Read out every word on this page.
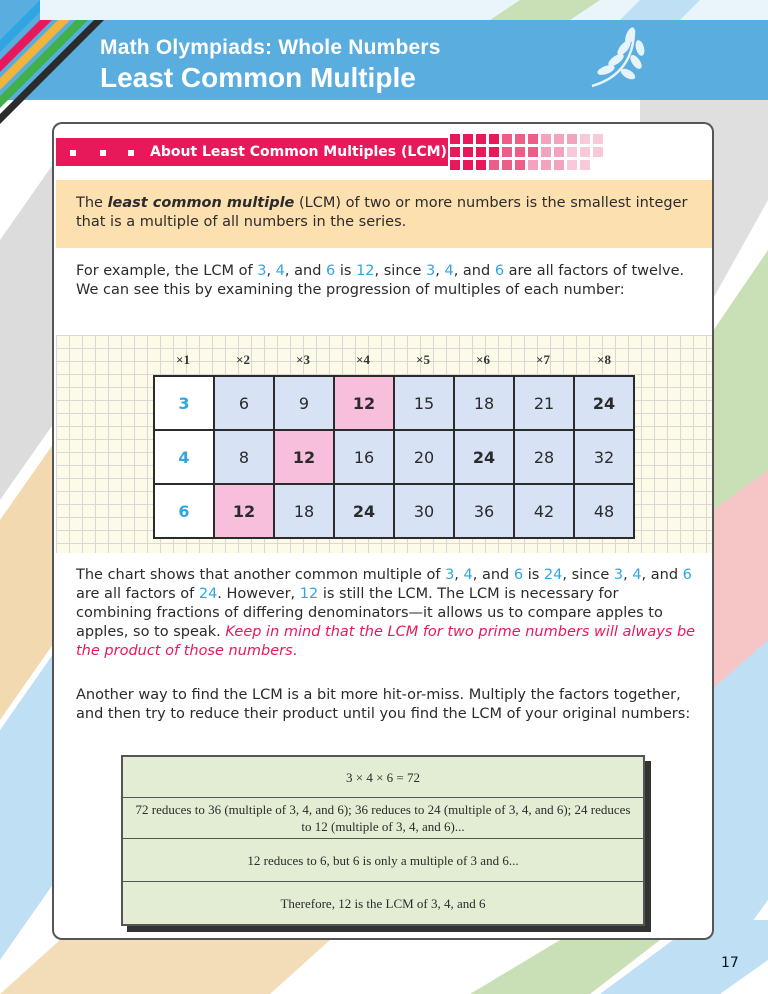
Math Olympiads: Whole Numbers
Least Common Multiple
About Least Common Multiples (LCM)

The least common multiple (LCM) of two or more numbers is the smallest integer that is a multiple of all numbers in the series.

For example, the LCM of 3, 4, and 6 is 12, since 3, 4, and 6 are all factors of twelve. We can see this by examining the progression of multiples of each number:
×1	×2	×3	×4	×5	×6	×7	×8
3	6	9	12	15	18	21	24
4	8	12	16	20	24	28	32
6	12	18	24	30	36	42	48
The chart shows that another common multiple of 3, 4, and 6 is 24, since 3, 4, and 6 are all factors of 24. However, 12 is still the LCM. The LCM is necessary for combining fractions of differing denominators—it allows us to compare apples to apples, so to speak. Keep in mind that the LCM for two prime numbers will always be the product of those numbers.
Another way to find the LCM is a bit more hit-or-miss. Multiply the factors together, and then try to reduce their product until you find the LCM of your original numbers:
3 × 4 × 6 = 72
72 reduces to 36 (multiple of 3, 4, and 6); 36 reduces to 24 (multiple of 3, 4, and 6); 24 reduces to 12 (multiple of 3, 4, and 6)...
12 reduces to 6, but 6 is only a multiple of 3 and 6...
Therefore, 12 is the LCM of 3, 4, and 6
17
